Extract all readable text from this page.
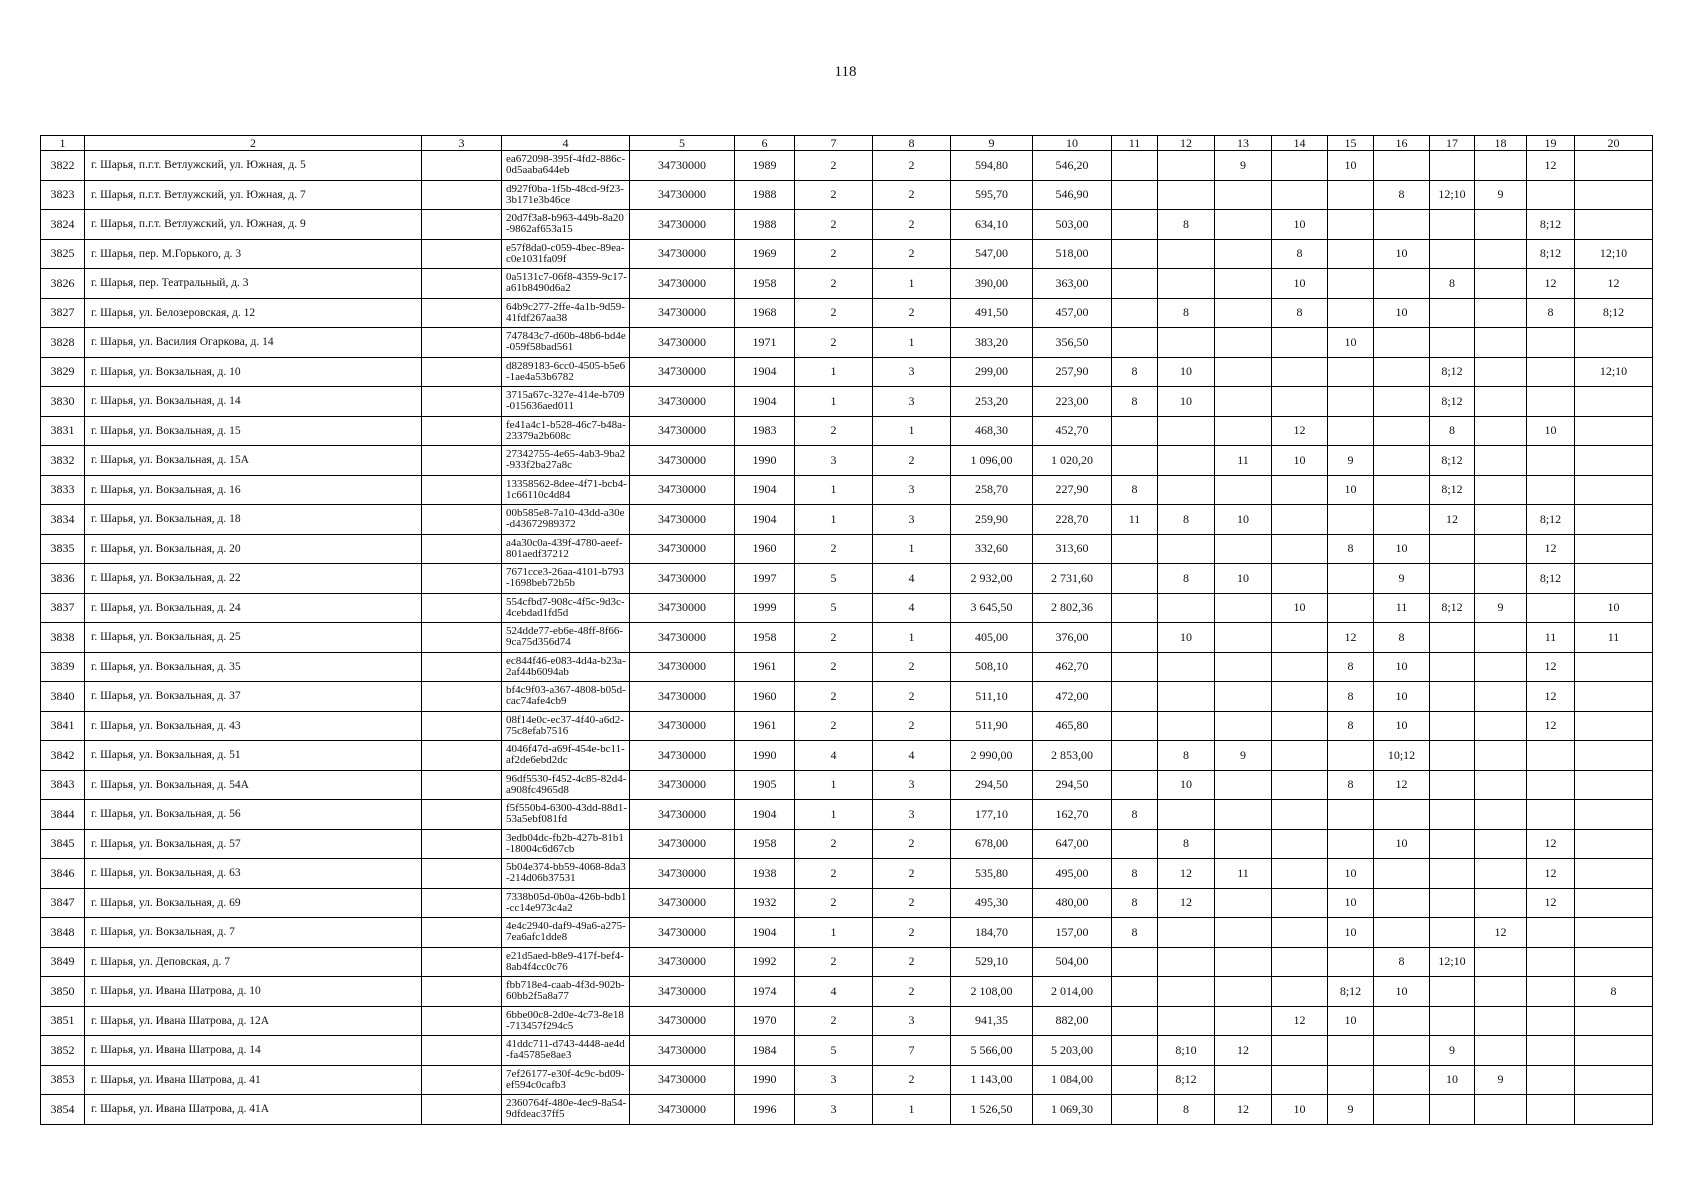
118
1	2	3	4	5	6	7	8	9	10	11	12	13	14	15	16	17	18	19	20
3822	г. Шарья, п.г.т. Ветлужский, ул. Южная, д. 5		ea672098-395f-4fd2-886c-0d5aaba644eb	34730000	1989	2	2	594,80	546,20			9		10				12	
3823	г. Шарья, п.г.т. Ветлужский, ул. Южная, д. 7		d927f0ba-1f5b-48cd-9f23-3b171e3b46ce	34730000	1988	2	2	595,70	546,90						8	12;10	9		
3824	г. Шарья, п.г.т. Ветлужский, ул. Южная, д. 9		20d7f3a8-b963-449b-8a20-9862af653a15	34730000	1988	2	2	634,10	503,00		8		10					8;12	
3825	г. Шарья, пер. М.Горького, д. 3		e57f8da0-c059-4bec-89ea-c0e1031fa09f	34730000	1969	2	2	547,00	518,00				8		10			8;12	12;10
3826	г. Шарья, пер. Театральный, д. 3		0a5131c7-06f8-4359-9c17-a61b8490d6a2	34730000	1958	2	1	390,00	363,00				10			8		12	12
3827	г. Шарья, ул. Белозеровская, д. 12		64b9c277-2ffe-4a1b-9d59-41fdf267aa38	34730000	1968	2	2	491,50	457,00		8		8		10			8	8;12
3828	г. Шарья, ул. Василия Огаркова, д. 14		747843c7-d60b-48b6-bd4e-059f58bad561	34730000	1971	2	1	383,20	356,50					10					
3829	г. Шарья, ул. Вокзальная, д. 10		d8289183-6cc0-4505-b5e6-1ae4a53b6782	34730000	1904	1	3	299,00	257,90	8	10					8;12			12;10
3830	г. Шарья, ул. Вокзальная, д. 14		3715a67c-327e-414e-b709-015636aed011	34730000	1904	1	3	253,20	223,00	8	10					8;12			
3831	г. Шарья, ул. Вокзальная, д. 15		fe41a4c1-b528-46c7-b48a-23379a2b608c	34730000	1983	2	1	468,30	452,70				12			8		10	
3832	г. Шарья, ул. Вокзальная, д. 15А		27342755-4e65-4ab3-9ba2-933f2ba27a8c	34730000	1990	3	2	1 096,00	1 020,20			11	10	9		8;12			
3833	г. Шарья, ул. Вокзальная, д. 16		13358562-8dee-4f71-bcb4-1c66110c4d84	34730000	1904	1	3	258,70	227,90	8				10		8;12			
3834	г. Шарья, ул. Вокзальная, д. 18		00b585e8-7a10-43dd-a30e-d43672989372	34730000	1904	1	3	259,90	228,70	11	8	10				12		8;12	
3835	г. Шарья, ул. Вокзальная, д. 20		a4a30c0a-439f-4780-aeef-801aedf37212	34730000	1960	2	1	332,60	313,60					8	10			12	
3836	г. Шарья, ул. Вокзальная, д. 22		7671cce3-26aa-4101-b793-1698beb72b5b	34730000	1997	5	4	2 932,00	2 731,60		8	10			9			8;12	
3837	г. Шарья, ул. Вокзальная, д. 24		554cfbd7-908c-4f5c-9d3c-4cebdad1fd5d	34730000	1999	5	4	3 645,50	2 802,36				10		11	8;12	9		10
3838	г. Шарья, ул. Вокзальная, д. 25		524dde77-eb6e-48ff-8f66-9ca75d356d74	34730000	1958	2	1	405,00	376,00		10			12	8			11	11
3839	г. Шарья, ул. Вокзальная, д. 35		ec844f46-e083-4d4a-b23a-2af44b6094ab	34730000	1961	2	2	508,10	462,70					8	10			12	
3840	г. Шарья, ул. Вокзальная, д. 37		bf4c9f03-a367-4808-b05d-cac74afe4cb9	34730000	1960	2	2	511,10	472,00					8	10			12	
3841	г. Шарья, ул. Вокзальная, д. 43		08f14e0c-ec37-4f40-a6d2-75c8efab7516	34730000	1961	2	2	511,90	465,80					8	10			12	
3842	г. Шарья, ул. Вокзальная, д. 51		4046f47d-a69f-454e-bc11-af2de6ebd2dc	34730000	1990	4	4	2 990,00	2 853,00		8	9			10;12				
3843	г. Шарья, ул. Вокзальная, д. 54А		96df5530-f452-4c85-82d4-a908fc4965d8	34730000	1905	1	3	294,50	294,50		10			8	12				
3844	г. Шарья, ул. Вокзальная, д. 56		f5f550b4-6300-43dd-88d1-53a5ebf081fd	34730000	1904	1	3	177,10	162,70	8									
3845	г. Шарья, ул. Вокзальная, д. 57		3edb04dc-fb2b-427b-81b1-18004c6d67cb	34730000	1958	2	2	678,00	647,00		8				10			12	
3846	г. Шарья, ул. Вокзальная, д. 63		5b04e374-bb59-4068-8da3-214d06b37531	34730000	1938	2	2	535,80	495,00	8	12	11		10				12	
3847	г. Шарья, ул. Вокзальная, д. 69		7338b05d-0b0a-426b-bdb1-cc14e973c4a2	34730000	1932	2	2	495,30	480,00	8	12			10				12	
3848	г. Шарья, ул. Вокзальная, д. 7		4e4c2940-daf9-49a6-a275-7ea6afc1dde8	34730000	1904	1	2	184,70	157,00	8				10			12		
3849	г. Шарья, ул. Деповская, д. 7		e21d5aed-b8e9-417f-bef4-8ab4f4cc0c76	34730000	1992	2	2	529,10	504,00						8	12;10			
3850	г. Шарья, ул. Ивана Шатрова, д. 10		fbb718e4-caab-4f3d-902b-60bb2f5a8a77	34730000	1974	4	2	2 108,00	2 014,00					8;12	10				8
3851	г. Шарья, ул. Ивана Шатрова, д. 12А		6bbe00c8-2d0e-4c73-8e18-713457f294c5	34730000	1970	2	3	941,35	882,00				12	10					
3852	г. Шарья, ул. Ивана Шатрова, д. 14		41ddc711-d743-4448-ae4d-fa45785e8ae3	34730000	1984	5	7	5 566,00	5 203,00		8;10	12				9			
3853	г. Шарья, ул. Ивана Шатрова, д. 41		7ef26177-e30f-4c9c-bd09-ef594c0cafb3	34730000	1990	3	2	1 143,00	1 084,00		8;12					10	9		
3854	г. Шарья, ул. Ивана Шатрова, д. 41А		2360764f-480e-4ec9-8a54-9dfdeac37ff5	34730000	1996	3	1	1 526,50	1 069,30		8	12	10	9					
